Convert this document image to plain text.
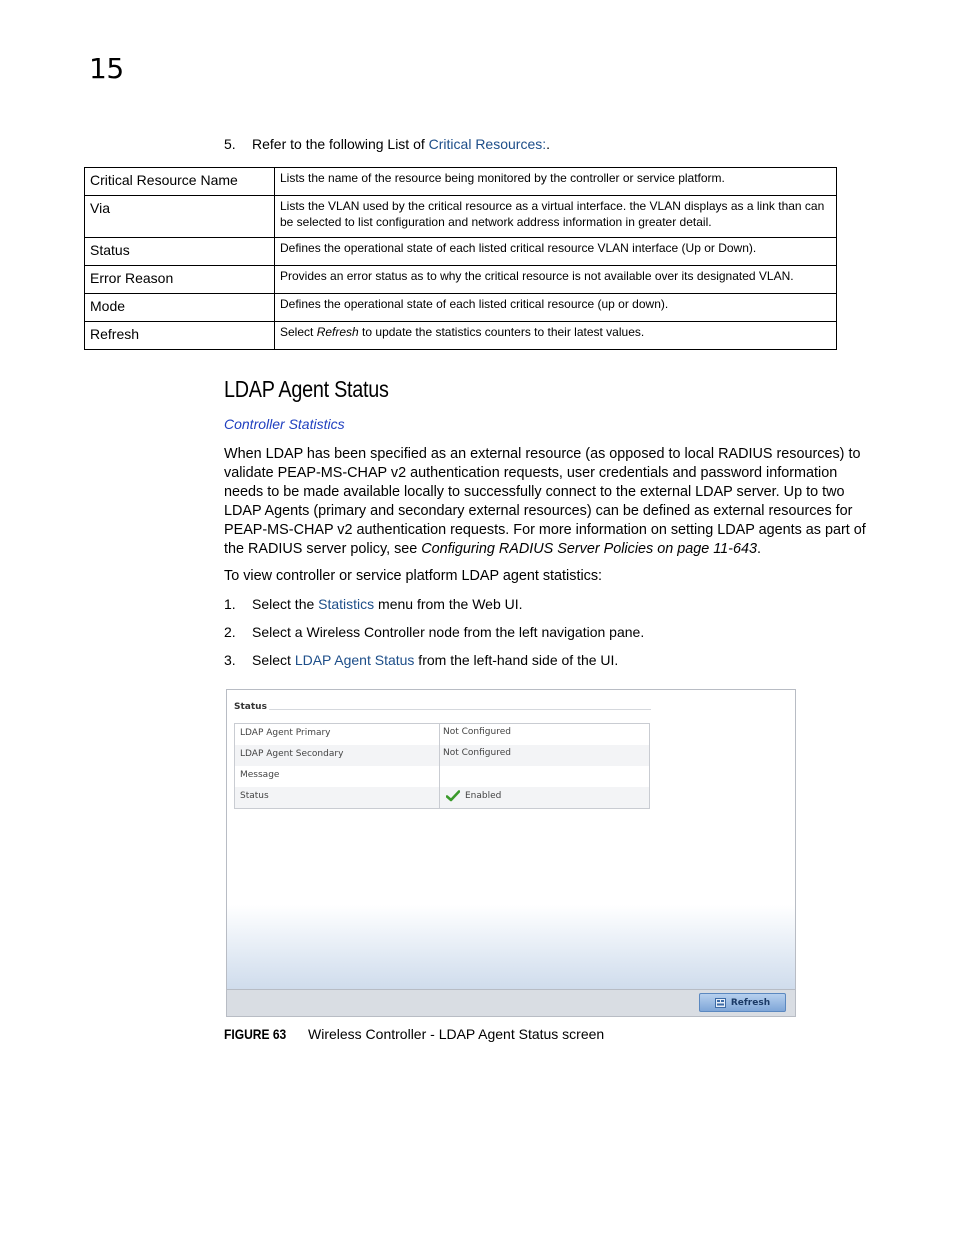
15
5. Refer to the following List of Critical Resources:.
Critical Resource Name	Lists the name of the resource being monitored by the controller or service platform.
Via	Lists the VLAN used by the critical resource as a virtual interface. the VLAN displays as a link than can be selected to list configuration and network address information in greater detail.
Status	Defines the operational state of each listed critical resource VLAN interface (Up or Down).
Error Reason	Provides an error status as to why the critical resource is not available over its designated VLAN.
Mode	Defines the operational state of each listed critical resource (up or down).
Refresh	Select Refresh to update the statistics counters to their latest values.
LDAP Agent Status
Controller Statistics
When LDAP has been specified as an external resource (as opposed to local RADIUS resources) to validate PEAP-MS-CHAP v2 authentication requests, user credentials and password information needs to be made available locally to successfully connect to the external LDAP server. Up to two LDAP Agents (primary and secondary external resources) can be defined as external resources for PEAP-MS-CHAP v2 authentication requests. For more information on setting LDAP agents as part of the RADIUS server policy, see Configuring RADIUS Server Policies on page 11-643.
To view controller or service platform LDAP agent statistics:
1. Select the Statistics menu from the Web UI.
2. Select a Wireless Controller node from the left navigation pane.
3. Select LDAP Agent Status from the left-hand side of the UI.
Status
LDAP Agent Primary	Not Configured
LDAP Agent Secondary	Not Configured
Message
Status	Enabled
Refresh
FIGURE 63 Wireless Controller - LDAP Agent Status screen
